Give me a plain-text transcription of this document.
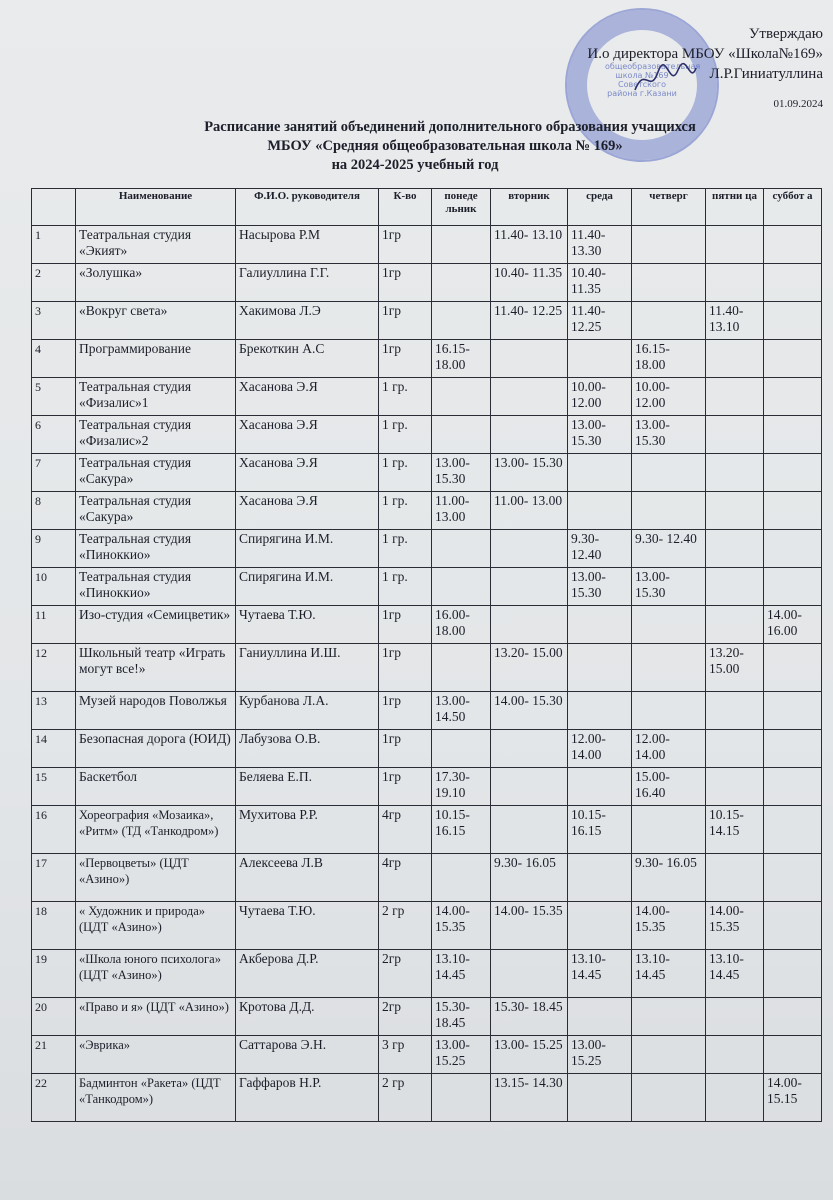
общеобразовательная школа №169 Советского района г.Казани
Утверждаю
И.о директора МБОУ «Школа№169»
Л.Р.Гиниатуллина
01.09.2024
Расписание занятий объединений дополнительного образования учащихся
МБОУ «Средняя общеобразовательная школа № 169»
на 2024-2025 учебный год
	Наименование	Ф.И.О. руководителя	К-во	понеде льник	вторник	среда	четверг	пятни ца	суббот а
1	Театральная студия «Экият»	Насырова Р.М	1гр		11.40- 13.10	11.40- 13.30			
2	«Золушка»	Галиуллина Г.Г.	1гр		10.40- 11.35	10.40- 11.35			
3	«Вокруг света»	Хакимова Л.Э	1гр		11.40- 12.25	11.40- 12.25		11.40- 13.10	
4	Программирование	Брекоткин А.С	1гр	16.15- 18.00			16.15- 18.00		
5	Театральная студия «Физалис»1	Хасанова Э.Я	1 гр.			10.00- 12.00	10.00- 12.00		
6	Театральная студия «Физалис»2	Хасанова Э.Я	1 гр.			13.00- 15.30	13.00- 15.30		
7	Театральная студия «Сакура»	Хасанова Э.Я	1 гр.	13.00- 15.30	13.00- 15.30				
8	Театральная студия «Сакура»	Хасанова Э.Я	1 гр.	11.00- 13.00	11.00- 13.00				
9	Театральная студия «Пиноккио»	Спирягина И.М.	1 гр.			9.30- 12.40	9.30- 12.40		
10	Театральная студия «Пиноккио»	Спирягина И.М.	1 гр.			13.00- 15.30	13.00- 15.30		
11	Изо-студия «Семицветик»	Чутаева Т.Ю.	1гр	16.00- 18.00					14.00- 16.00
12	Школьный театр «Играть могут все!»	Ганиуллина И.Ш.	1гр		13.20- 15.00			13.20- 15.00	
13	Музей народов Поволжья	Курбанова Л.А.	1гр	13.00- 14.50	14.00- 15.30				
14	Безопасная дорога (ЮИД)	Лабузова О.В.	1гр			12.00- 14.00	12.00- 14.00		
15	Баскетбол	Беляева Е.П.	1гр	17.30- 19.10			15.00- 16.40		
16	Хореография «Мозаика», «Ритм» (ТД «Танкодром»)	Мухитова Р.Р.	4гр	10.15- 16.15		10.15- 16.15		10.15- 14.15	
17	«Первоцветы» (ЦДТ «Азино»)	Алексеева Л.В	4гр		9.30- 16.05		9.30- 16.05		
18	« Художник и природа» (ЦДТ «Азино»)	Чутаева Т.Ю.	2 гр	14.00- 15.35	14.00- 15.35		14.00- 15.35	14.00- 15.35	
19	«Школа юного психолога» (ЦДТ «Азино»)	Акберова Д.Р.	2гр	13.10- 14.45		13.10- 14.45	13.10- 14.45	13.10- 14.45	
20	«Право и я» (ЦДТ «Азино»)	Кротова Д.Д.	2гр	15.30- 18.45	15.30- 18.45				
21	«Эврика»	Саттарова Э.Н.	3 гр	13.00- 15.25	13.00- 15.25	13.00- 15.25			
22	Бадминтон «Ракета» (ЦДТ «Танкодром»)	Гаффаров Н.Р.	2 гр		13.15- 14.30				14.00- 15.15
